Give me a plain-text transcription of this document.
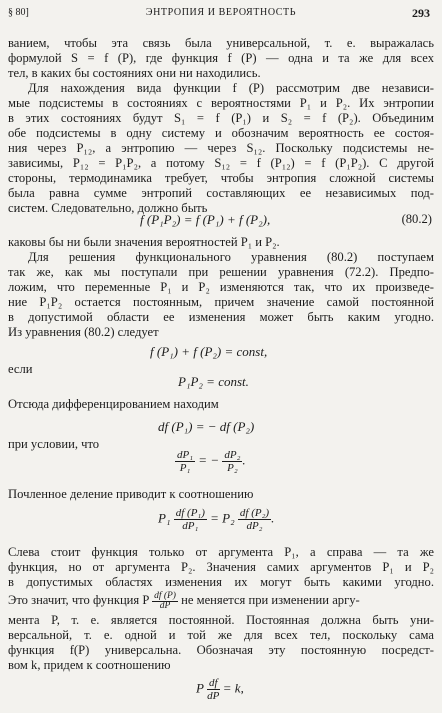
§ 80]	ЭНТРОПИЯ И ВЕРОЯТНОСТЬ	293
ванием, чтобы эта связь была универсальной, т. е. выражалась
формулой S = f (P), где функция f (P) — одна и та же для всех
тел, в каких бы состояниях они ни находились.
Для нахождения вида функции f (P) рассмотрим две независи-
мые подсистемы в состояниях с вероятностями P₁ и P₂. Их энтропии
в этих состояниях будут S₁ = f (P₁) и S₂ = f (P₂). Объединим
обе подсистемы в одну систему и обозначим вероятность ее состоя-
ния через P₁₂, а энтропию — через S₁₂. Поскольку подсистемы не-
зависимы, P₁₂ = P₁P₂, а потому S₁₂ = f (P₁₂) = f (P₁P₂). С другой
стороны, термодинамика требует, чтобы энтропия сложной системы
была равна сумме энтропий составляющих ее независимых под-
систем. Следовательно, должно быть
f (P₁P₂) = f (P₁) + f (P₂),	(80.2)
каковы бы ни были значения вероятностей P₁ и P₂.
Для решения функционального уравнения (80.2) поступаем
так же, как мы поступали при решении уравнения (72.2). Предпо-
ложим, что переменные P₁ и P₂ изменяются так, что их произведе-
ние P₁P₂ остается постоянным, причем значение самой постоянной
в допустимой области ее изменения может быть каким угодно.
Из уравнения (80.2) следует
f (P₁) + f (P₂) = const,
если
P₁P₂ = const.
Отсюда дифференцированием находим
df (P₁) = − df (P₂)
при условии, что
$\frac{\text{dP₁}}{\text{P₁}}$ = − $\frac{\text{dP₂}}{\text{P₂}}$ .
Почленное деление приводит к соотношению
$P_1 \frac{\text{df (P₁)}}{\text{dP₁}} = P_2 \frac{\text{df (P₂)}}{\text{dP₂}}$ .
Слева стоит функция только от аргумента P₁, а справа — та же
функция, но от аргумента P₂. Значения самих аргументов P₁ и P₂
в допустимых областях изменения их могут быть какими угодно.
Это значит, что функция P $\frac{df (P)}{dP}$ не меняется при изменении аргу-
мента P, т. е. является постоянной. Постоянная должна быть уни-
версальной, т. е. одной и той же для всех тел, поскольку сама
функция f(P) универсальна. Обозначая эту постоянную посредст-
вом k, придем к соотношению
P $\frac{df}{dP} = k$,
